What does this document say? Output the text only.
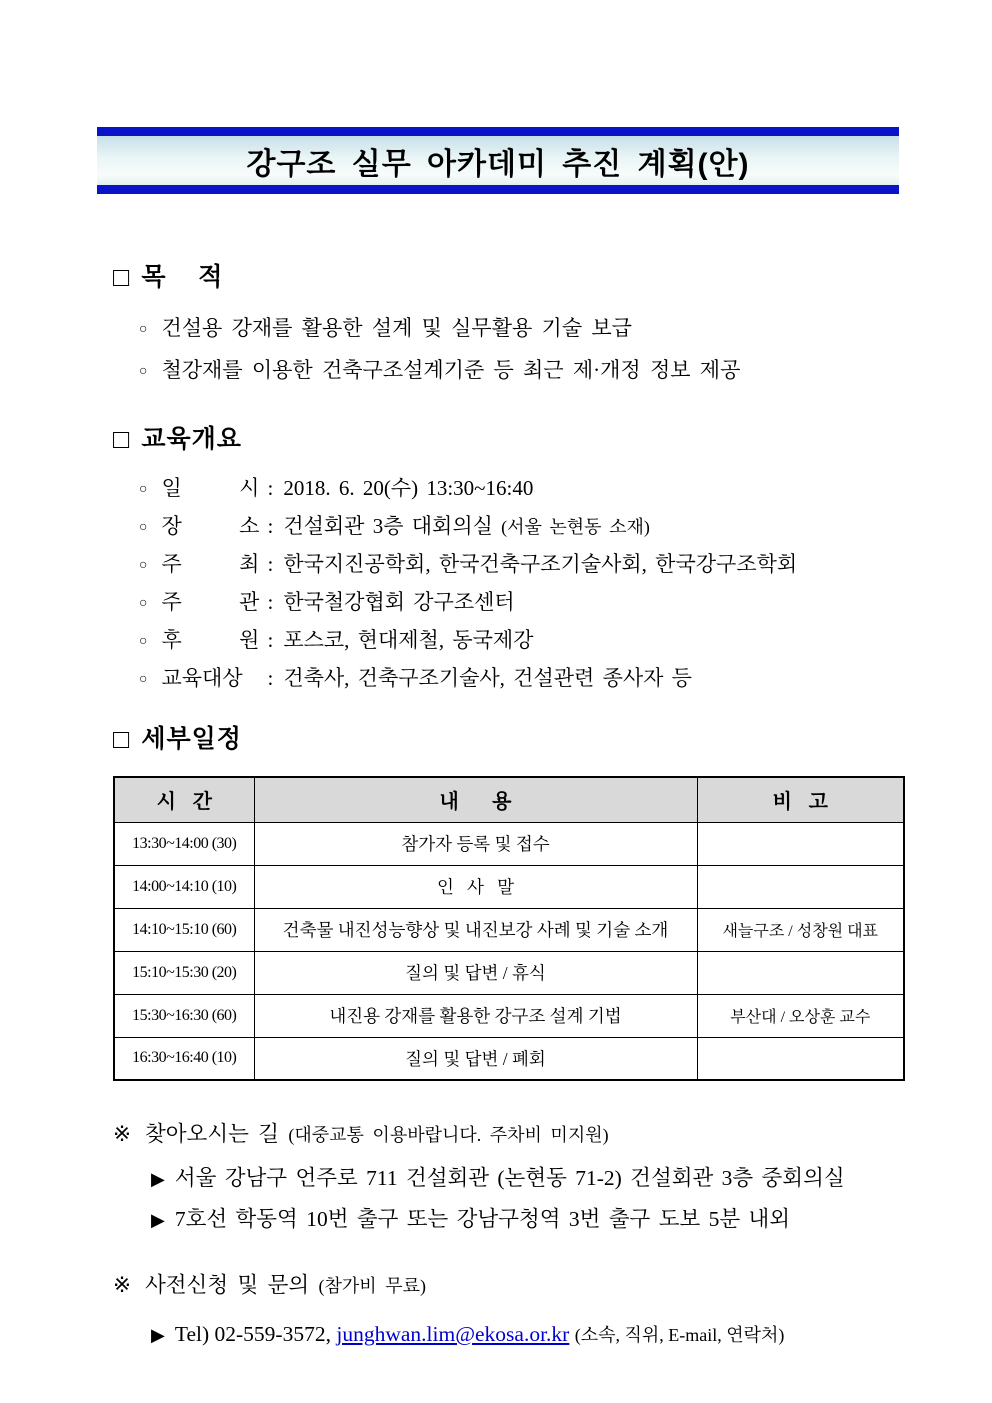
강구조 실무 아카데미 추진 계획(안)
□ 목    적
○ 건설용 강재를 활용한 설계 및 실무활용 기술 보급
○ 철강재를 이용한 건축구조설계기준 등 최근 제·개정 정보 제공
□ 교육개요
○ 일 시 : 2018. 6. 20(수) 13:30~16:40
○ 장 소 : 건설회관 3층 대회의실 (서울 논현동 소재)
○ 주 최 : 한국지진공학회, 한국건축구조기술사회, 한국강구조학회
○ 주 관 : 한국철강협회 강구조센터
○ 후 원 : 포스코, 현대제철, 동국제강
○ 교육대상 : 건축사, 건축구조기술사, 건설관련 종사자 등
□ 세부일정
시   간	내      용	비   고
13:30~14:00 (30)	참가자 등록 및 접수	
14:00~14:10 (10)	인   사   말	
14:10~15:10 (60)	건축물 내진성능향상 및 내진보강 사례 및 기술 소개	새늘구조 / 성창원 대표
15:10~15:30 (20)	질의 및 답변 / 휴식	
15:30~16:30 (60)	내진용 강재를 활용한 강구조 설계 기법	부산대 / 오상훈 교수
16:30~16:40 (10)	질의 및 답변 / 폐회	
※ 찾아오시는 길 (대중교통 이용바랍니다. 주차비 미지원)
▶ 서울 강남구 언주로 711 건설회관 (논현동 71-2) 건설회관 3층 중회의실
▶ 7호선 학동역 10번 출구 또는 강남구청역 3번 출구 도보 5분 내외
※ 사전신청 및 문의 (참가비 무료)
▶ Tel) 02-559-3572, junghwan.lim@ekosa.or.kr (소속, 직위, E-mail, 연락처)
